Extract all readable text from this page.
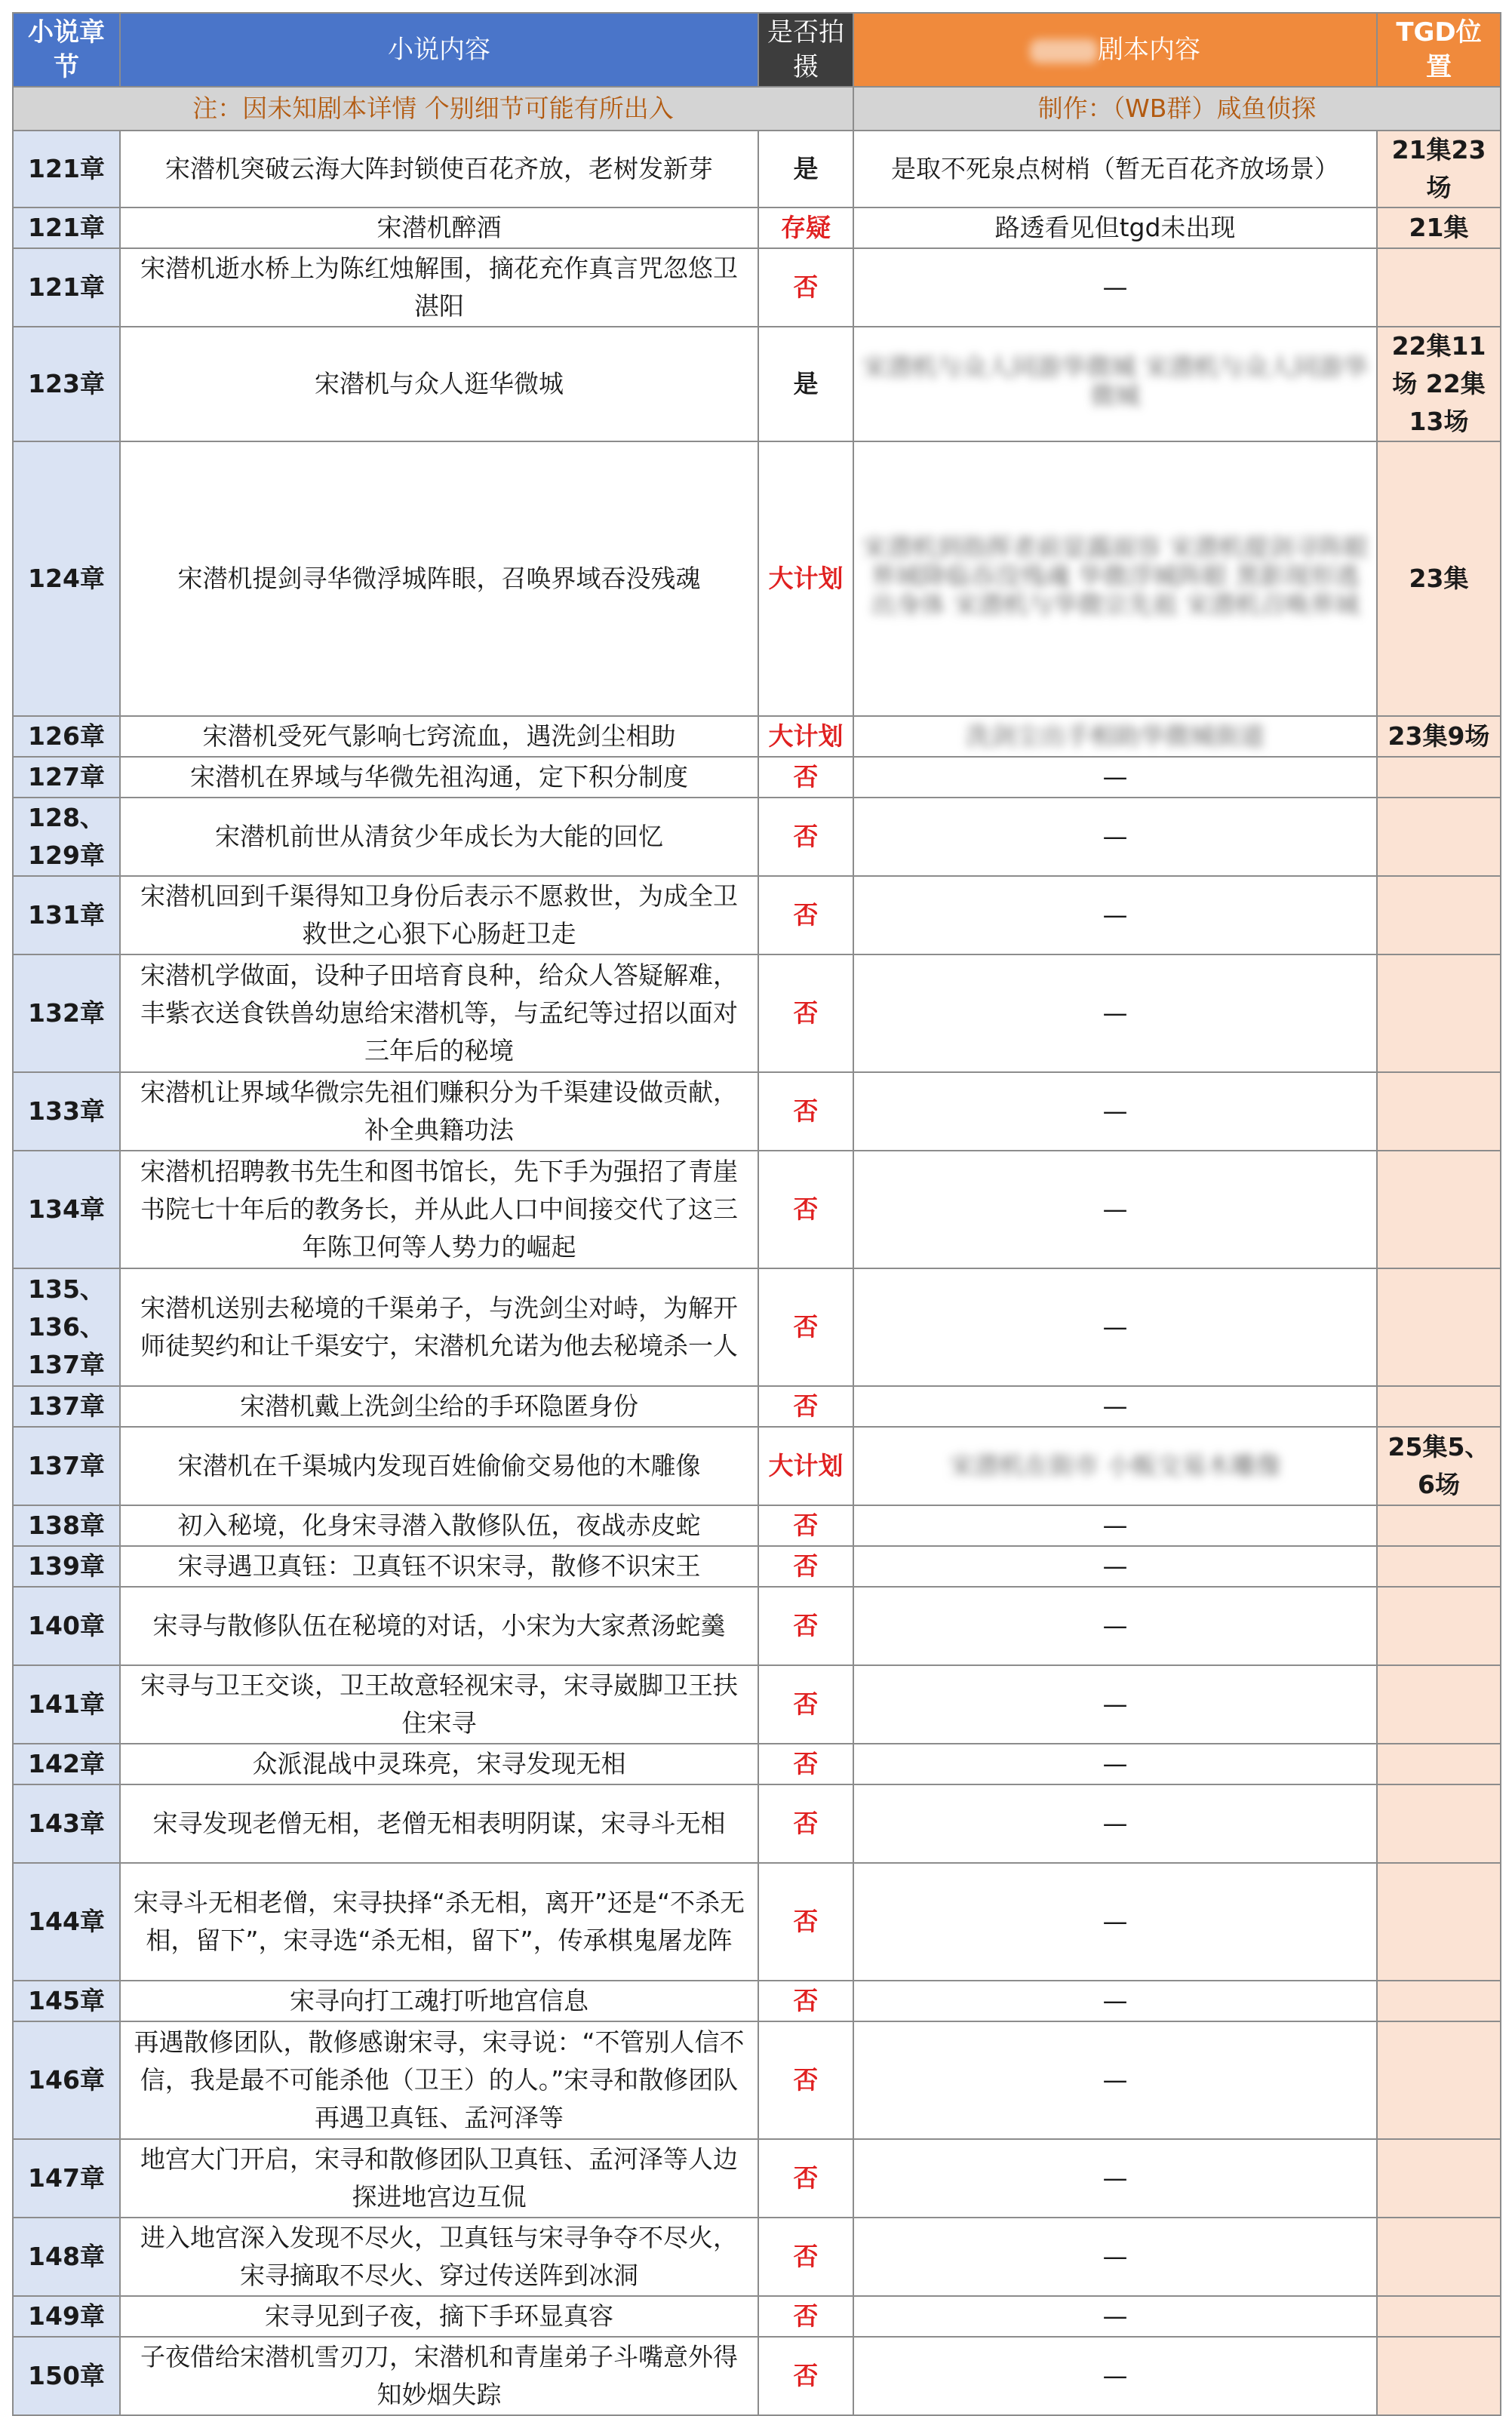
小说章节	小说内容	是否拍摄	剧本内容	TGD位置
注：因未知剧本详情 个别细节可能有所出入			制作：（WB群）咸鱼侦探	
121章	宋潜机突破云海大阵封锁使百花齐放，老树发新芽	是	是取不死泉点树梢（暂无百花齐放场景）	21集23场
121章	宋潜机醉酒	存疑	路透看见但tgd未出现	21集
121章	宋潜机逝水桥上为陈红烛解围，摘花充作真言咒忽悠卫湛阳	否	—	
123章	宋潜机与众人逛华微城	是	宋潜机与众人同游华微城 宋潜机与众人同游华微城	22集11场 22集13场
124章	宋潜机提剑寻华微浮城阵眼，召唤界域吞没残魂	大计划	宋潜机到指挥者前显露面容 宋潜机提剑寻阵眼 界域降临吞没残魂 华微浮城阵眼 黑影现形逃出身体 宋潜机与华微宗先祖 宋潜机召唤界域	23集
126章	宋潜机受死气影响七窍流血，遇洗剑尘相助	大计划	洗剑尘出手相助华微城街道	23集9场
127章	宋潜机在界域与华微先祖沟通，定下积分制度	否	—	
128、129章	宋潜机前世从清贫少年成长为大能的回忆	否	—	
131章	宋潜机回到千渠得知卫身份后表示不愿救世，为成全卫救世之心狠下心肠赶卫走	否	—	
132章	宋潜机学做面，设种子田培育良种，给众人答疑解难，丰紫衣送食铁兽幼崽给宋潜机等，与孟纪等过招以面对三年后的秘境	否	—	
133章	宋潜机让界域华微宗先祖们赚积分为千渠建设做贡献，补全典籍功法	否	—	
134章	宋潜机招聘教书先生和图书馆长，先下手为强招了青崖书院七十年后的教务长，并从此人口中间接交代了这三年陈卫何等人势力的崛起	否	—	
135、136、137章	宋潜机送别去秘境的千渠弟子，与洗剑尘对峙，为解开师徒契约和让千渠安宁，宋潜机允诺为他去秘境杀一人	否	—	
137章	宋潜机戴上洗剑尘给的手环隐匿身份	否	—	
137章	宋潜机在千渠城内发现百姓偷偷交易他的木雕像	大计划	宋潜机在街市 小贩交易木雕像	25集5、6场
138章	初入秘境，化身宋寻潜入散修队伍，夜战赤皮蛇	否	—	
139章	宋寻遇卫真钰：卫真钰不识宋寻，散修不识宋王	否	—	
140章	宋寻与散修队伍在秘境的对话，小宋为大家煮汤蛇羹	否	—	
141章	宋寻与卫王交谈，卫王故意轻视宋寻，宋寻崴脚卫王扶住宋寻	否	—	
142章	众派混战中灵珠亮，宋寻发现无相	否	—	
143章	宋寻发现老僧无相，老僧无相表明阴谋，宋寻斗无相	否	—	
144章	宋寻斗无相老僧，宋寻抉择“杀无相，离开”还是“不杀无相，留下”，宋寻选“杀无相，留下”，传承棋鬼屠龙阵	否	—	
145章	宋寻向打工魂打听地宫信息	否	—	
146章	再遇散修团队，散修感谢宋寻，宋寻说：“不管别人信不信，我是最不可能杀他（卫王）的人。”宋寻和散修团队再遇卫真钰、孟河泽等	否	—	
147章	地宫大门开启，宋寻和散修团队卫真钰、孟河泽等人边探进地宫边互侃	否	—	
148章	进入地宫深入发现不尽火，卫真钰与宋寻争夺不尽火，宋寻摘取不尽火、穿过传送阵到冰洞	否	—	
149章	宋寻见到子夜，摘下手环显真容	否	—	
150章	子夜借给宋潜机雪刃刀，宋潜机和青崖弟子斗嘴意外得知妙烟失踪	否	—	
